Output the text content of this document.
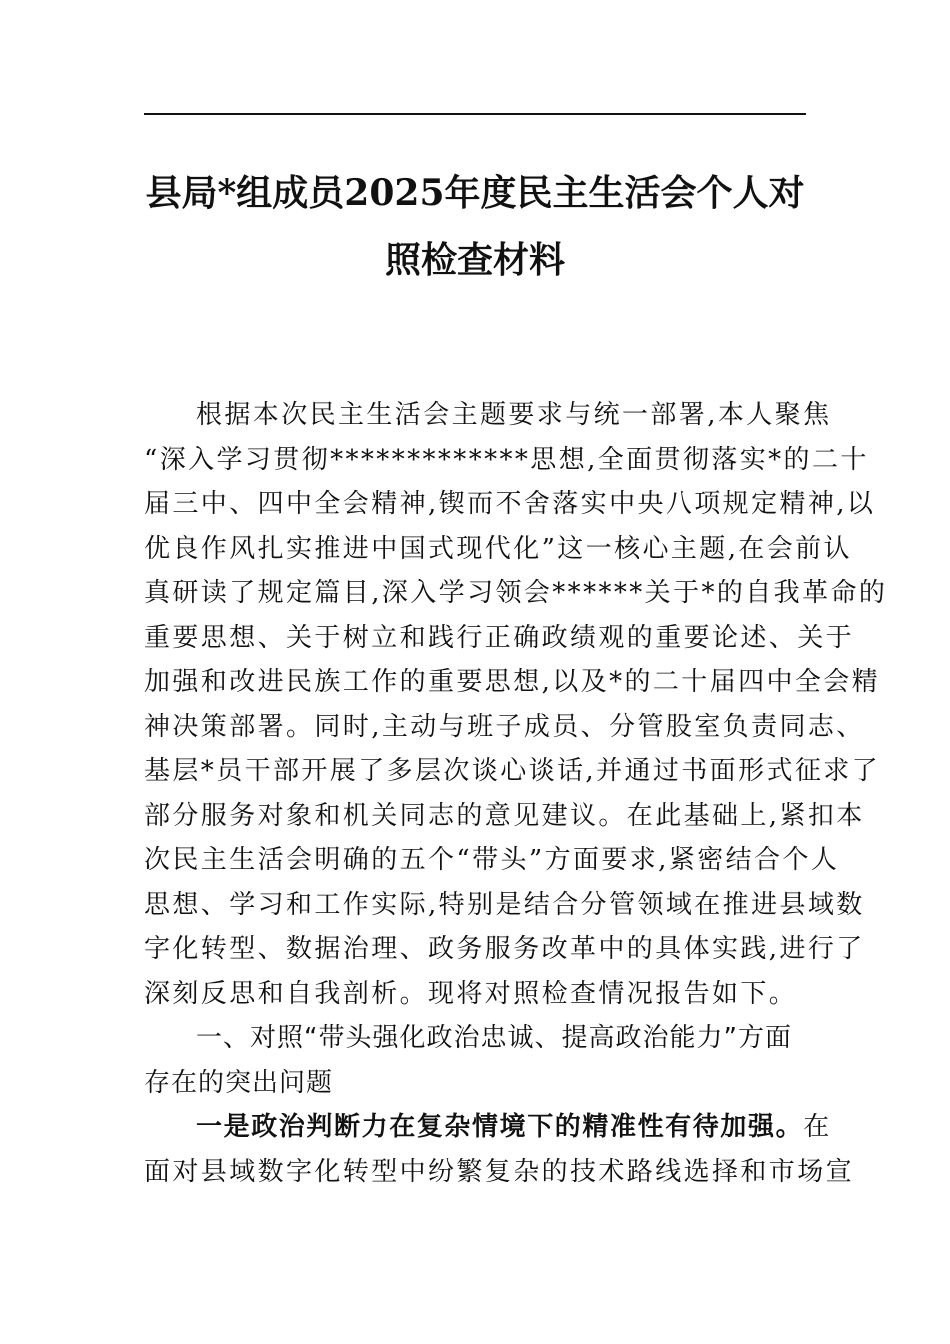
县局*组成员2025年度民主生活会个人对
照检查材料
根据本次民主生活会主题要求与统一部署,本人聚焦
“深入学习贯彻*************思想,全面贯彻落实*的二十
届三中、四中全会精神,锲而不舍落实中央八项规定精神,以
优良作风扎实推进中国式现代化”这一核心主题,在会前认
真研读了规定篇目,深入学习领会******关于*的自我革命的
重要思想、关于树立和践行正确政绩观的重要论述、关于
加强和改进民族工作的重要思想,以及*的二十届四中全会精
神决策部署。同时,主动与班子成员、分管股室负责同志、
基层*员干部开展了多层次谈心谈话,并通过书面形式征求了
部分服务对象和机关同志的意见建议。在此基础上,紧扣本
次民主生活会明确的五个“带头”方面要求,紧密结合个人
思想、学习和工作实际,特别是结合分管领域在推进县域数
字化转型、数据治理、政务服务改革中的具体实践,进行了
深刻反思和自我剖析。现将对照检查情况报告如下。
一、对照“带头强化政治忠诚、提高政治能力”方面
存在的突出问题
一是政治判断力在复杂情境下的精准性有待加强。在
面对县域数字化转型中纷繁复杂的技术路线选择和市场宣
